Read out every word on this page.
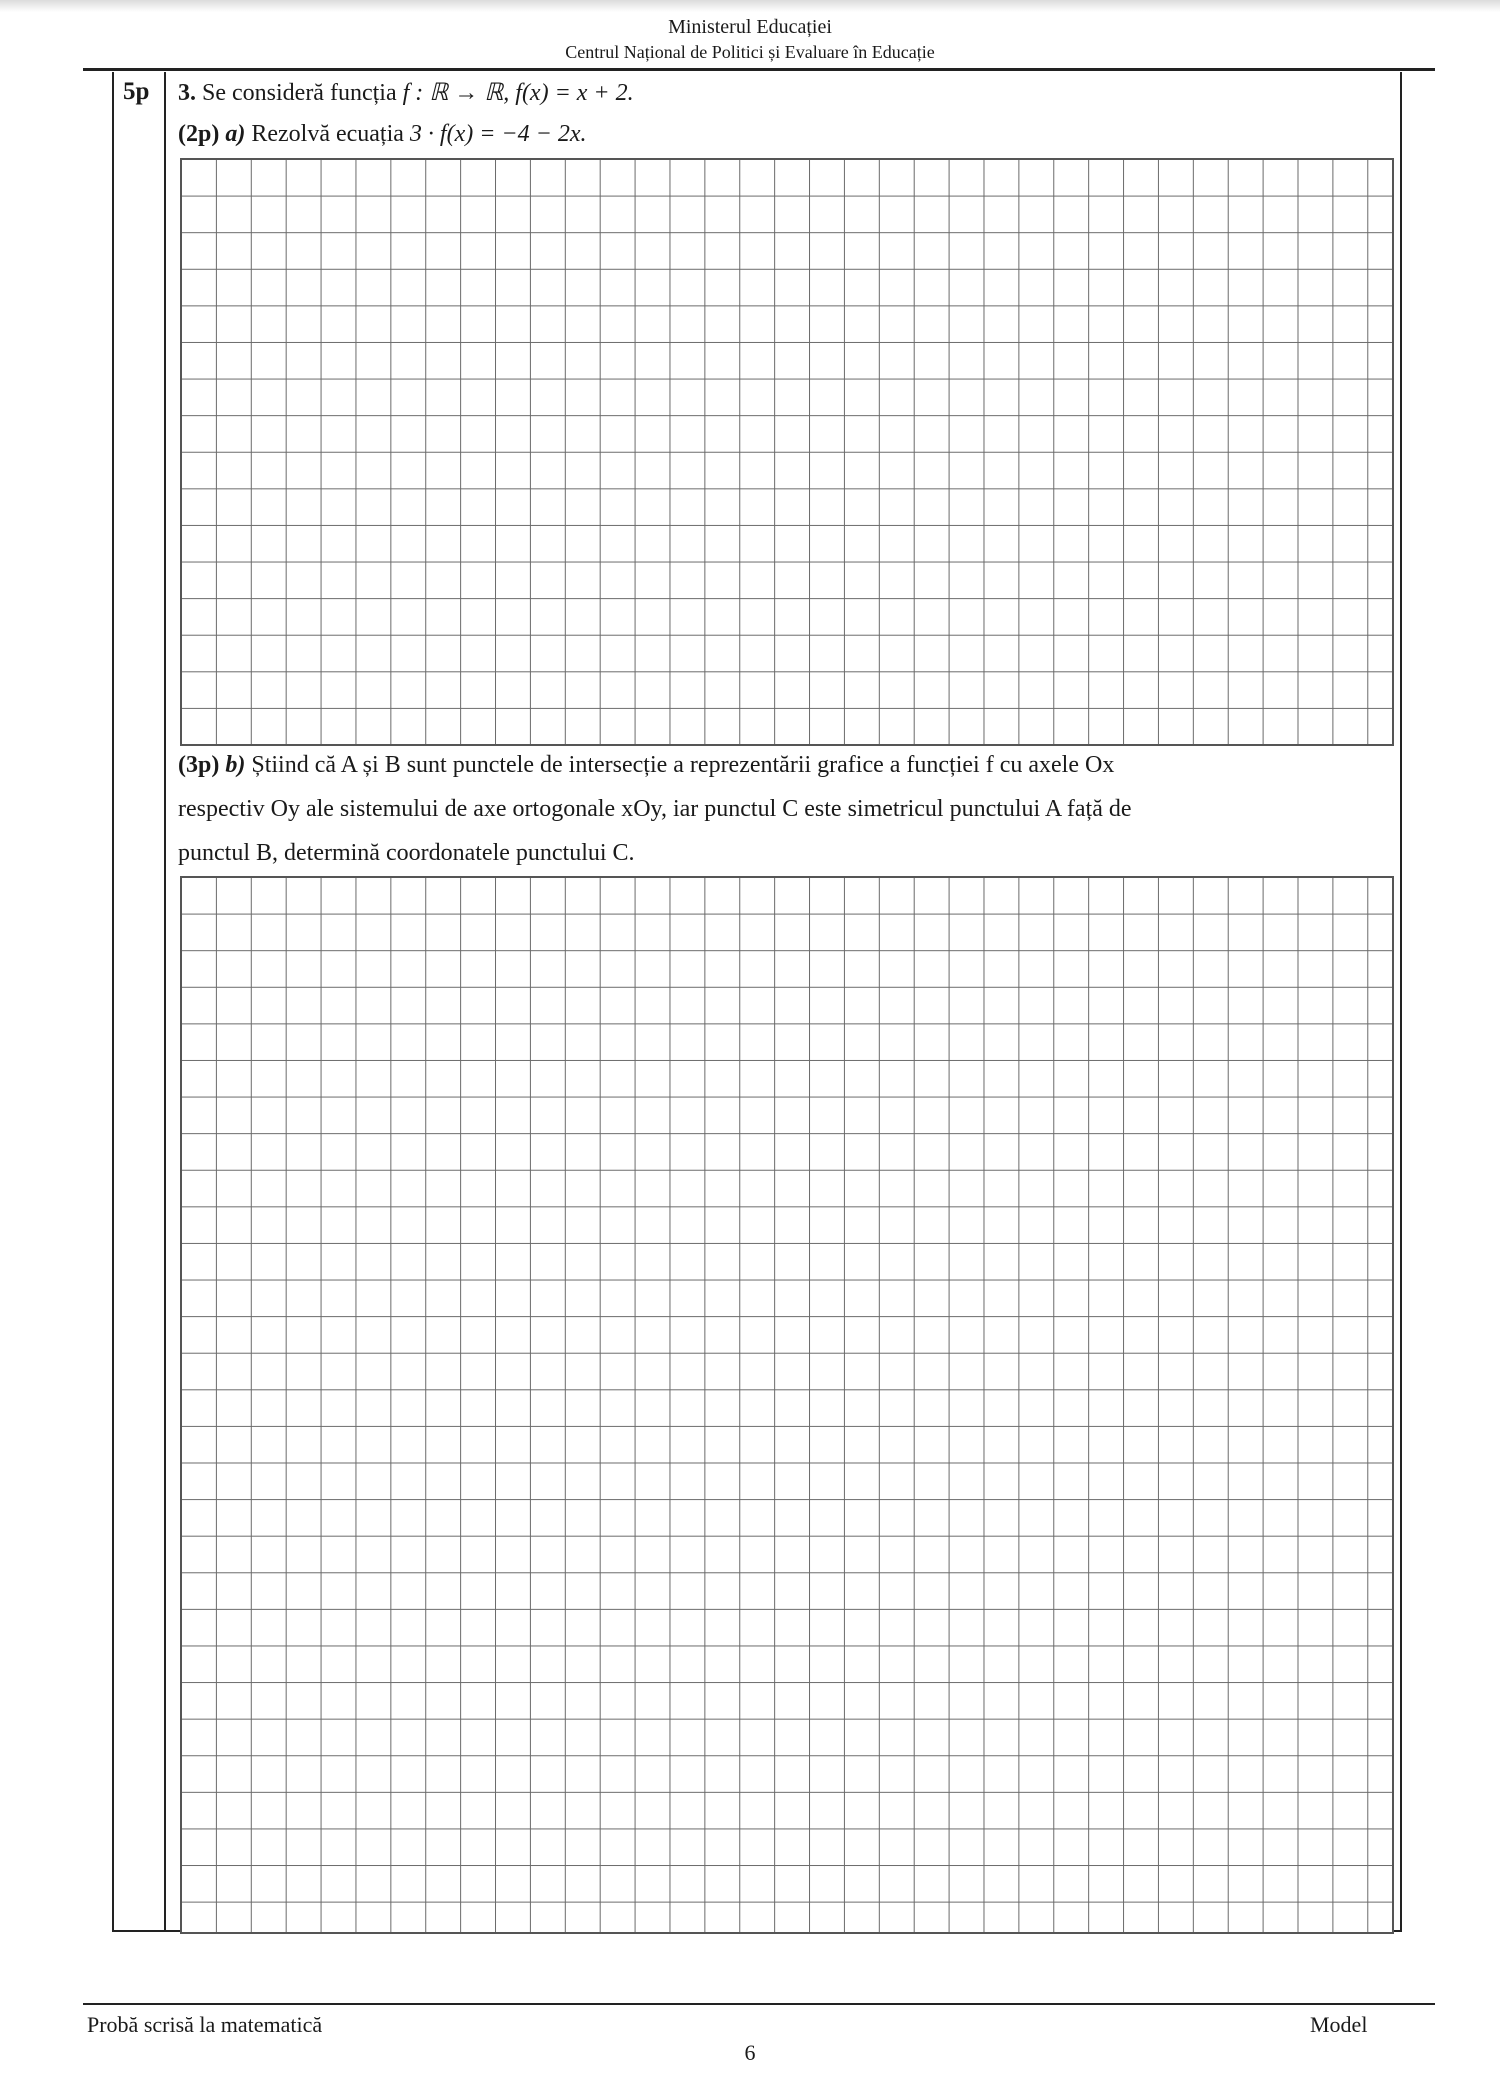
Ministerul Educației
Centrul Național de Politici și Evaluare în Educație
5p 3. Se consideră funcția f : ℝ → ℝ, f(x) = x + 2.
(2p) a) Rezolvă ecuația 3 · f(x) = −4 − 2x.
(3p) b) Știind că A și B sunt punctele de intersecție a reprezentării grafice a funcției f cu axele Ox
respectiv Oy ale sistemului de axe ortogonale xOy, iar punctul C este simetricul punctului A față de
punctul B, determină coordonatele punctului C.
Probă scrisă la matematică	Model
6
